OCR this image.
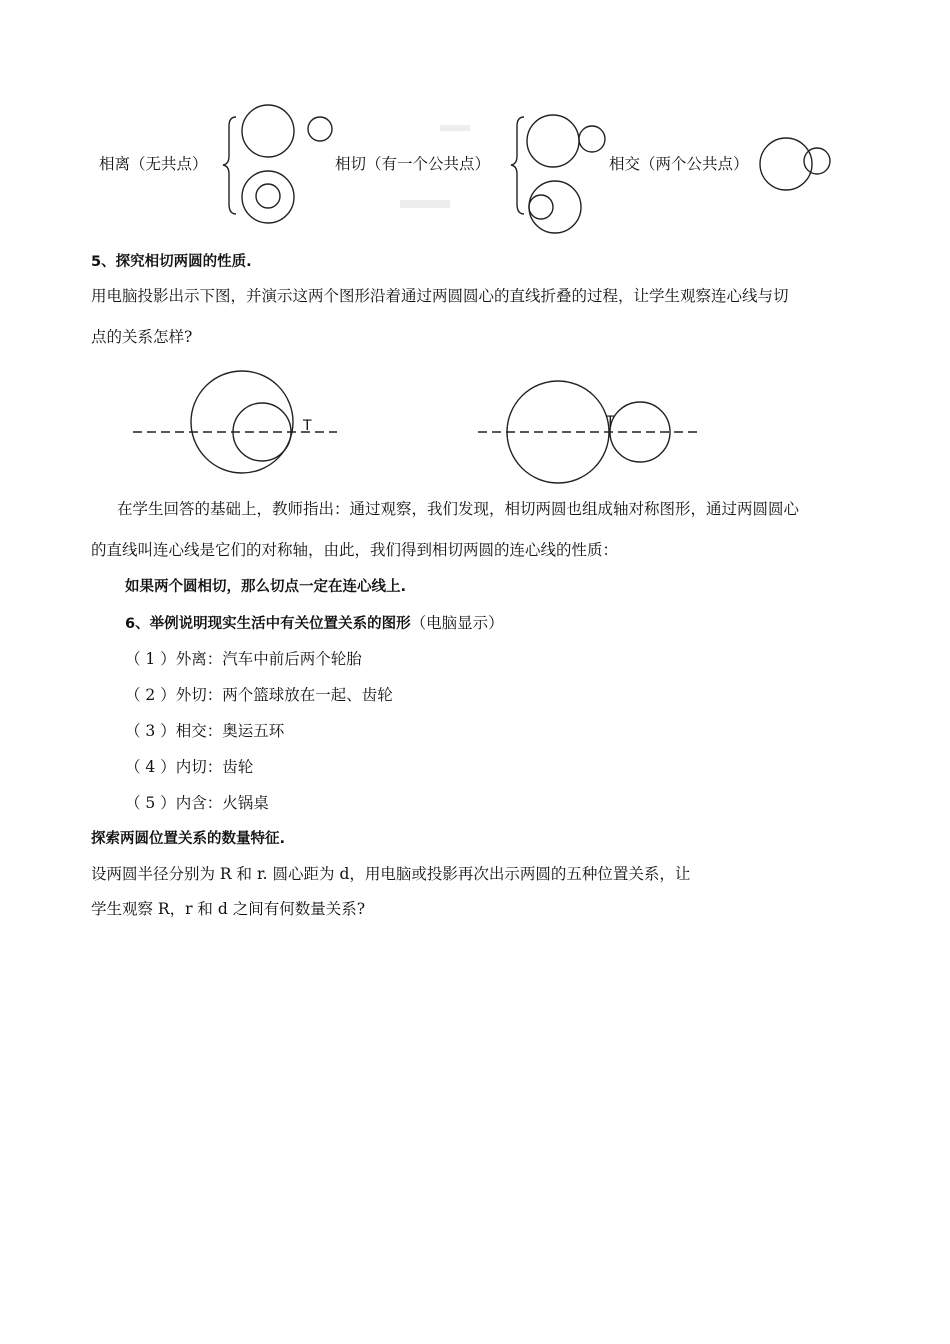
相离（无共点）	相切（有一个公共点）	相交（两个公共点）
5、探究相切两圆的性质.
用电脑投影出示下图，并演示这两个图形沿着通过两圆圆心的直线折叠的过程，让学生观察连心线与切
点的关系怎样?
T	T
在学生回答的基础上，教师指出：通过观察，我们发现，相切两圆也组成轴对称图形，通过两圆圆心
的直线叫连心线是它们的对称轴，由此，我们得到相切两圆的连心线的性质：
如果两个圆相切，那么切点一定在连心线上.
6、举例说明现实生活中有关位置关系的图形（电脑显示）
（ 1 ）外离：汽车中前后两个轮胎
（ 2 ）外切：两个篮球放在一起、齿轮
（ 3 ）相交：奥运五环
（ 4 ）内切：齿轮
（ 5 ）内含：火锅桌
探索两圆位置关系的数量特征.
设两圆半径分别为 R 和 r. 圆心距为 d，用电脑或投影再次出示两圆的五种位置关系，让
学生观察 R，r 和 d 之间有何数量关系?
